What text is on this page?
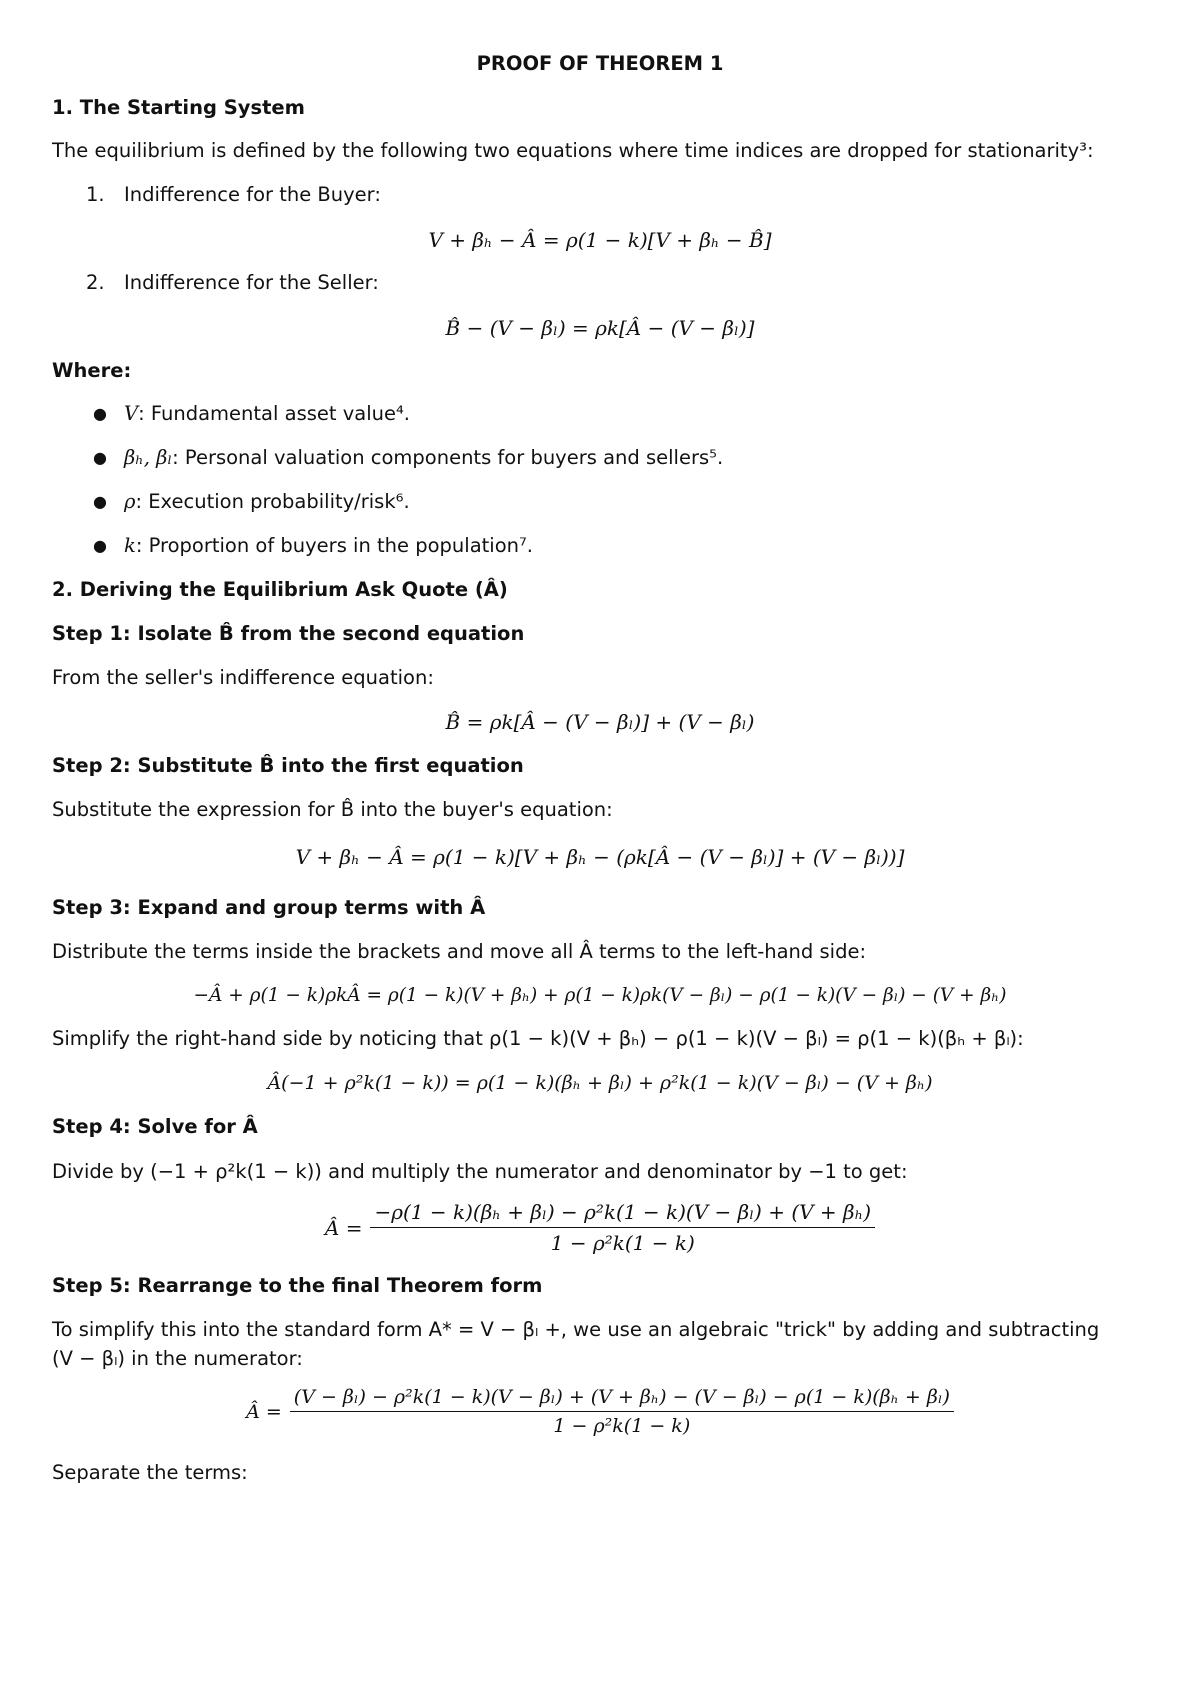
PROOF OF THEOREM 1
1. The Starting System
The equilibrium is defined by the following two equations where time indices are dropped for stationarity³:
1. Indifference for the Buyer:
V + βₕ − Â = ρ(1 − k)[V + βₕ − B̂]
2. Indifference for the Seller:
B̂ − (V − βₗ) = ρk[Â − (V − βₗ)]
Where:
● V: Fundamental asset value⁴.
● βₕ, βₗ: Personal valuation components for buyers and sellers⁵.
● ρ: Execution probability/risk⁶.
● k: Proportion of buyers in the population⁷.
2. Deriving the Equilibrium Ask Quote (Â)
Step 1: Isolate B̂ from the second equation
From the seller's indifference equation:
B̂ = ρk[Â − (V − βₗ)] + (V − βₗ)
Step 2: Substitute B̂ into the first equation
Substitute the expression for B̂ into the buyer's equation:
V + βₕ − Â = ρ(1 − k)[V + βₕ − (ρk[Â − (V − βₗ)] + (V − βₗ))]
Step 3: Expand and group terms with Â
Distribute the terms inside the brackets and move all Â terms to the left-hand side:
−Â + ρ(1 − k)ρkÂ = ρ(1 − k)(V + βₕ) + ρ(1 − k)ρk(V − βₗ) − ρ(1 − k)(V − βₗ) − (V + βₕ)
Simplify the right-hand side by noticing that ρ(1 − k)(V + βₕ) − ρ(1 − k)(V − βₗ) = ρ(1 − k)(βₕ + βₗ):
Â(−1 + ρ²k(1 − k)) = ρ(1 − k)(βₕ + βₗ) + ρ²k(1 − k)(V − βₗ) − (V + βₕ)
Step 4: Solve for Â
Divide by (−1 + ρ²k(1 − k)) and multiply the numerator and denominator by −1 to get:
Â = $\frac{\text{−ρ(1 − k)(βₕ + βₗ) − ρ²k(1 − k)(V − βₗ) + (V + βₕ)}}{\text{1 − ρ²k(1 − k)}}$
Step 5: Rearrange to the final Theorem form
To simplify this into the standard form A* = V − βₗ +, we use an algebraic "trick" by adding and subtracting
(V − βₗ) in the numerator:
Â =
(V − βₗ) − ρ²k(1 − k)(V − βₗ) + (V + βₕ) − (V − βₗ) − ρ(1 − k)(βₕ + βₗ)
1 − ρ²k(1 − k)
Separate the terms:
